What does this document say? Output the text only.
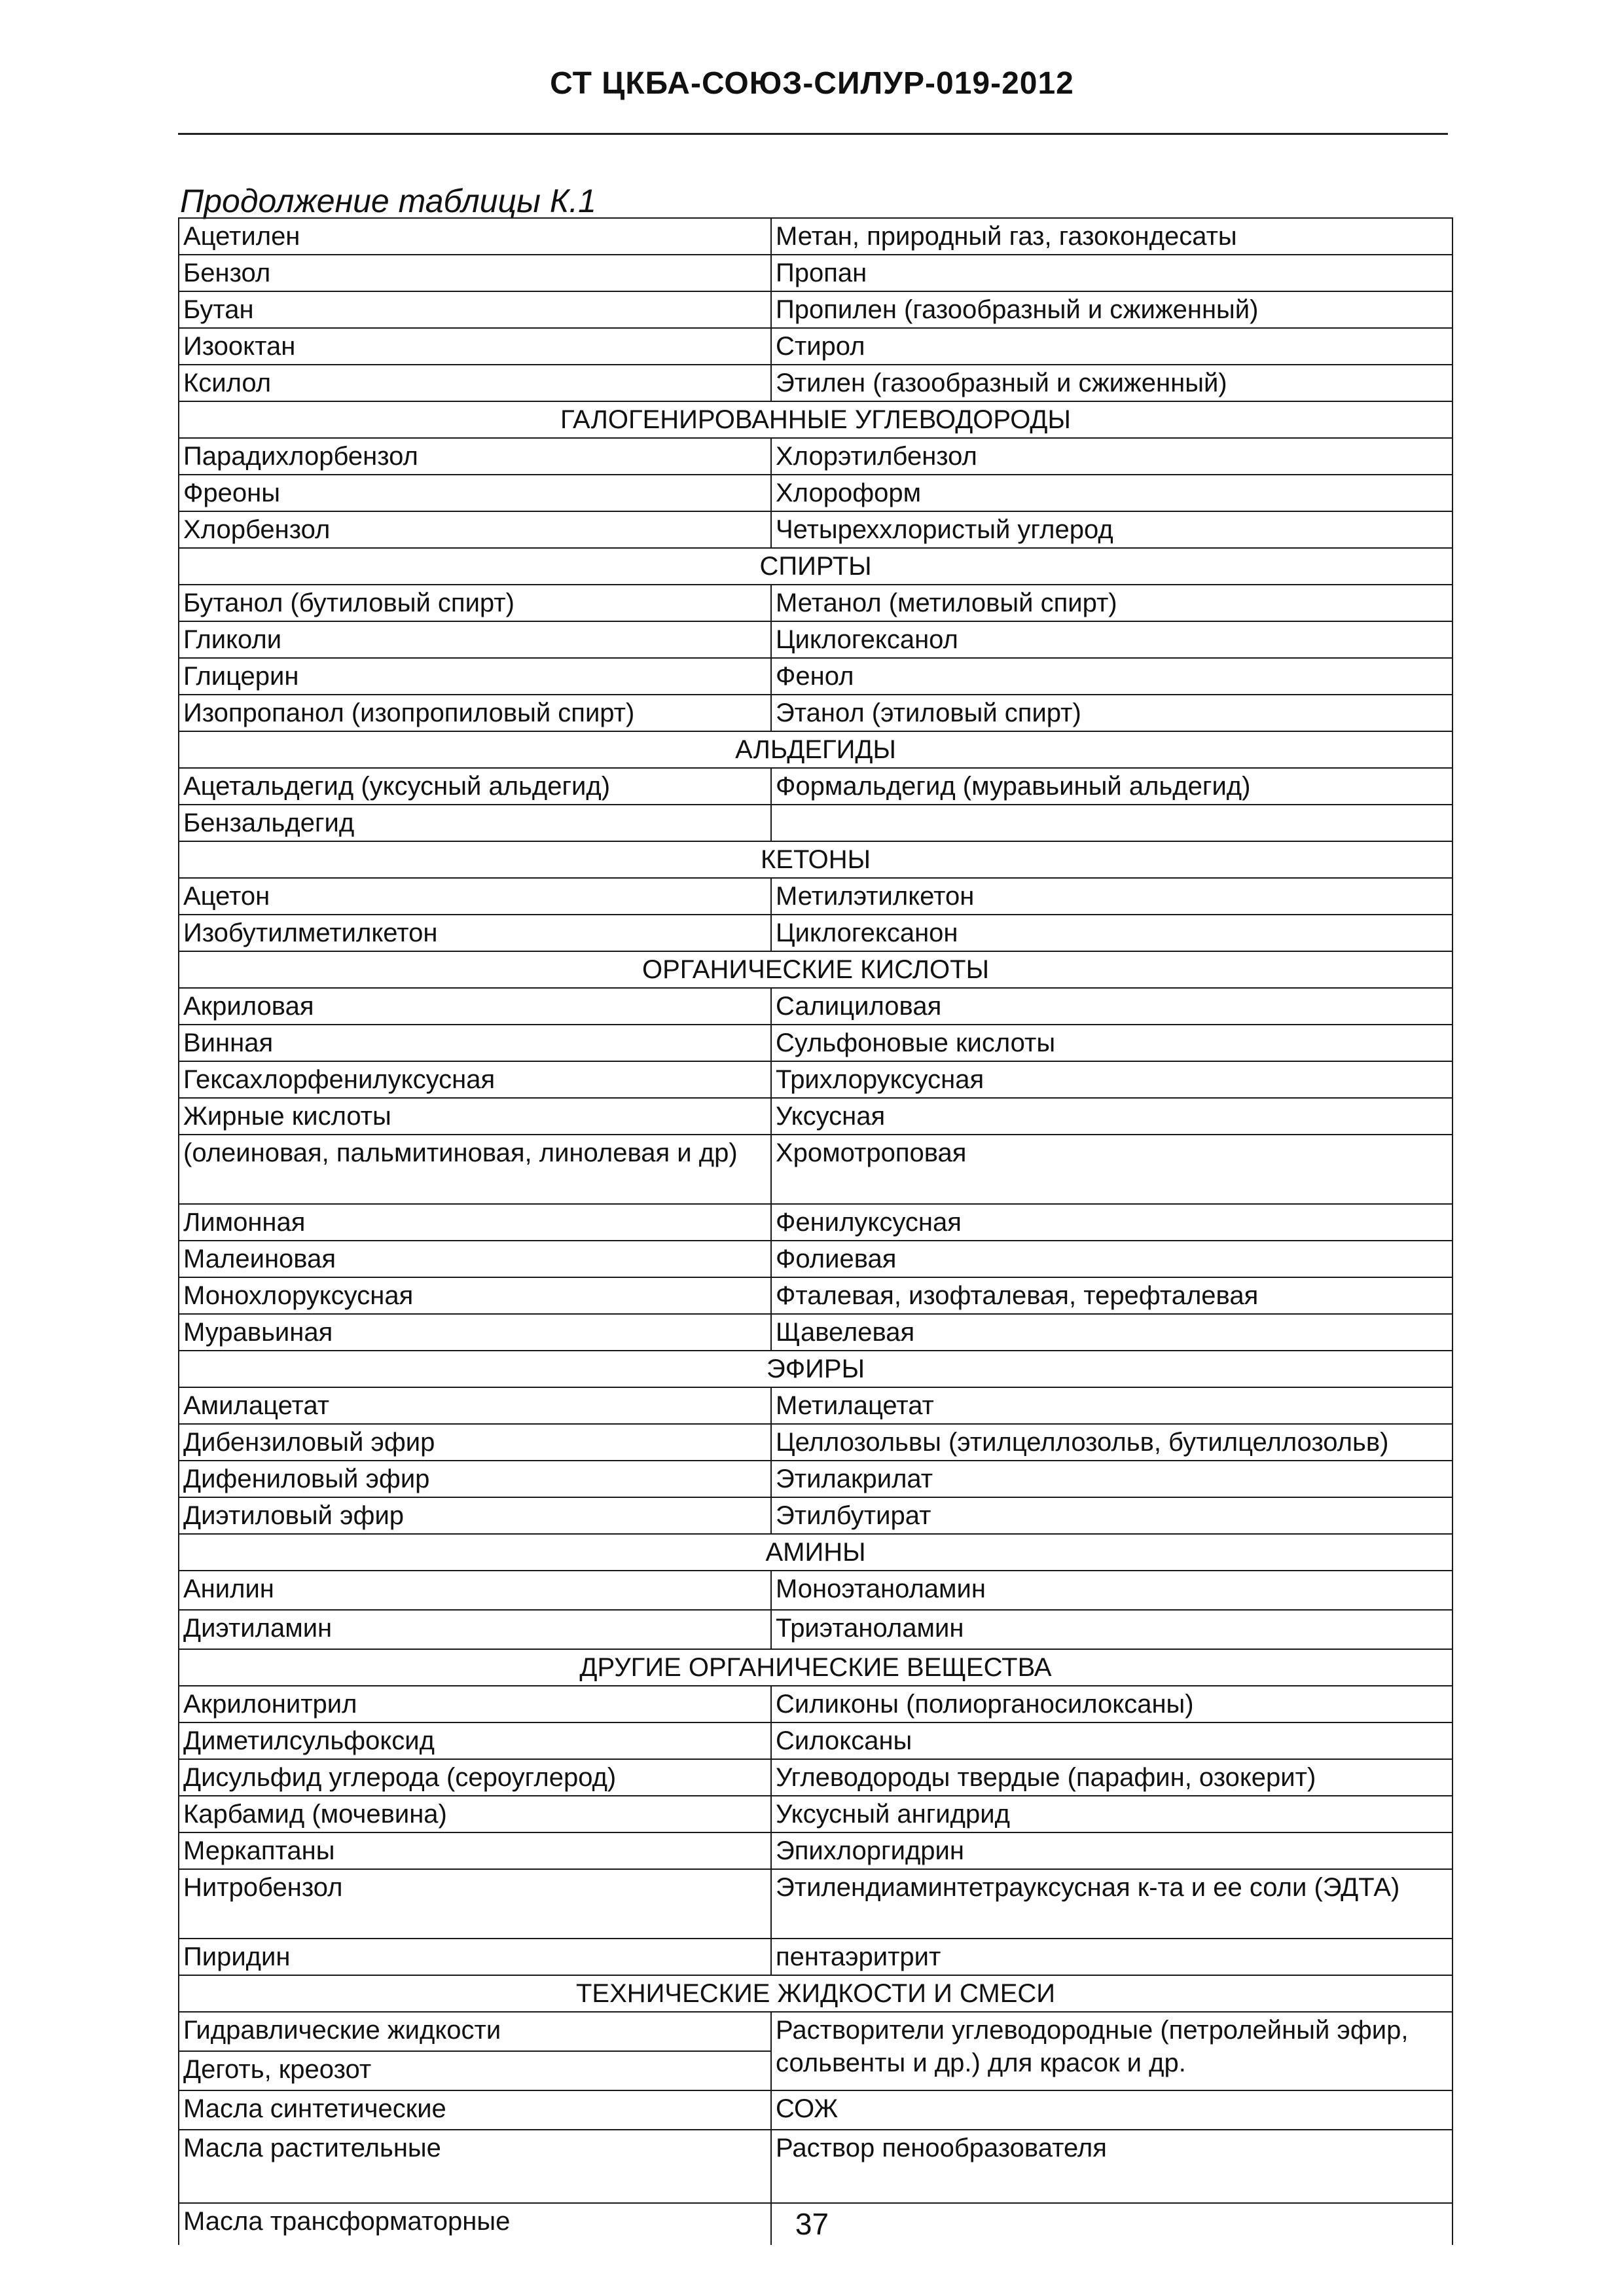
СТ ЦКБА-СОЮЗ-СИЛУР-019-2012
Продолжение таблицы К.1
Ацетилен	Метан, природный газ, газокондесаты
Бензол	Пропан
Бутан	Пропилен (газообразный и сжиженный)
Изооктан	Стирол
Ксилол	Этилен (газообразный и сжиженный)
ГАЛОГЕНИРОВАННЫЕ УГЛЕВОДОРОДЫ	
Парадихлорбензол	Хлорэтилбензол
Фреоны	Хлороформ
Хлорбензол	Четыреххлористый углерод
СПИРТЫ	
Бутанол (бутиловый спирт)	Метанол (метиловый спирт)
Гликоли	Циклогексанол
Глицерин	Фенол
Изопропанол (изопропиловый спирт)	Этанол (этиловый спирт)
АЛЬДЕГИДЫ	
Ацетальдегид (уксусный альдегид)	Формальдегид (муравьиный альдегид)
Бензальдегид	
КЕТОНЫ	
Ацетон	Метилэтилкетон
Изобутилметилкетон	Циклогексанон
ОРГАНИЧЕСКИЕ КИСЛОТЫ	
Акриловая	Салициловая
Винная	Сульфоновые кислоты
Гексахлорфенилуксусная	Трихлоруксусная
Жирные кислоты	Уксусная
(олеиновая, пальмитиновая, линолевая и др)	Хромотроповая
Лимонная	Фенилуксусная
Малеиновая	Фолиевая
Монохлоруксусная	Фталевая, изофталевая, терефталевая
Муравьиная	Щавелевая
ЭФИРЫ	
Амилацетат	Метилацетат
Дибензиловый эфир	Целлозольвы (этилцеллозольв, бутилцеллозольв)
Дифениловый эфир	Этилакрилат
Диэтиловый эфир	Этилбутират
АМИНЫ	
Анилин	Моноэтаноламин
Диэтиламин	Триэтаноламин
ДРУГИЕ ОРГАНИЧЕСКИЕ ВЕЩЕСТВА	
Акрилонитрил	Силиконы (полиорганосилоксаны)
Диметилсульфоксид	Силоксаны
Дисульфид углерода (сероуглерод)	Углеводороды твердые (парафин, озокерит)
Карбамид (мочевина)	Уксусный ангидрид
Меркаптаны	Эпихлоргидрин
Нитробензол	Этилендиаминтетрауксусная к-та и ее соли (ЭДТА)
Пиридин	пентаэритрит
ТЕХНИЧЕСКИЕ ЖИДКОСТИ И СМЕСИ	
Гидравлические жидкости	Растворители углеводородные (петролейный эфир, сольвенты и др.) для красок и др.
Деготь, креозот	
Масла синтетические	СОЖ
Масла растительные	Раствор пенообразователя
Масла трансформаторные		37
